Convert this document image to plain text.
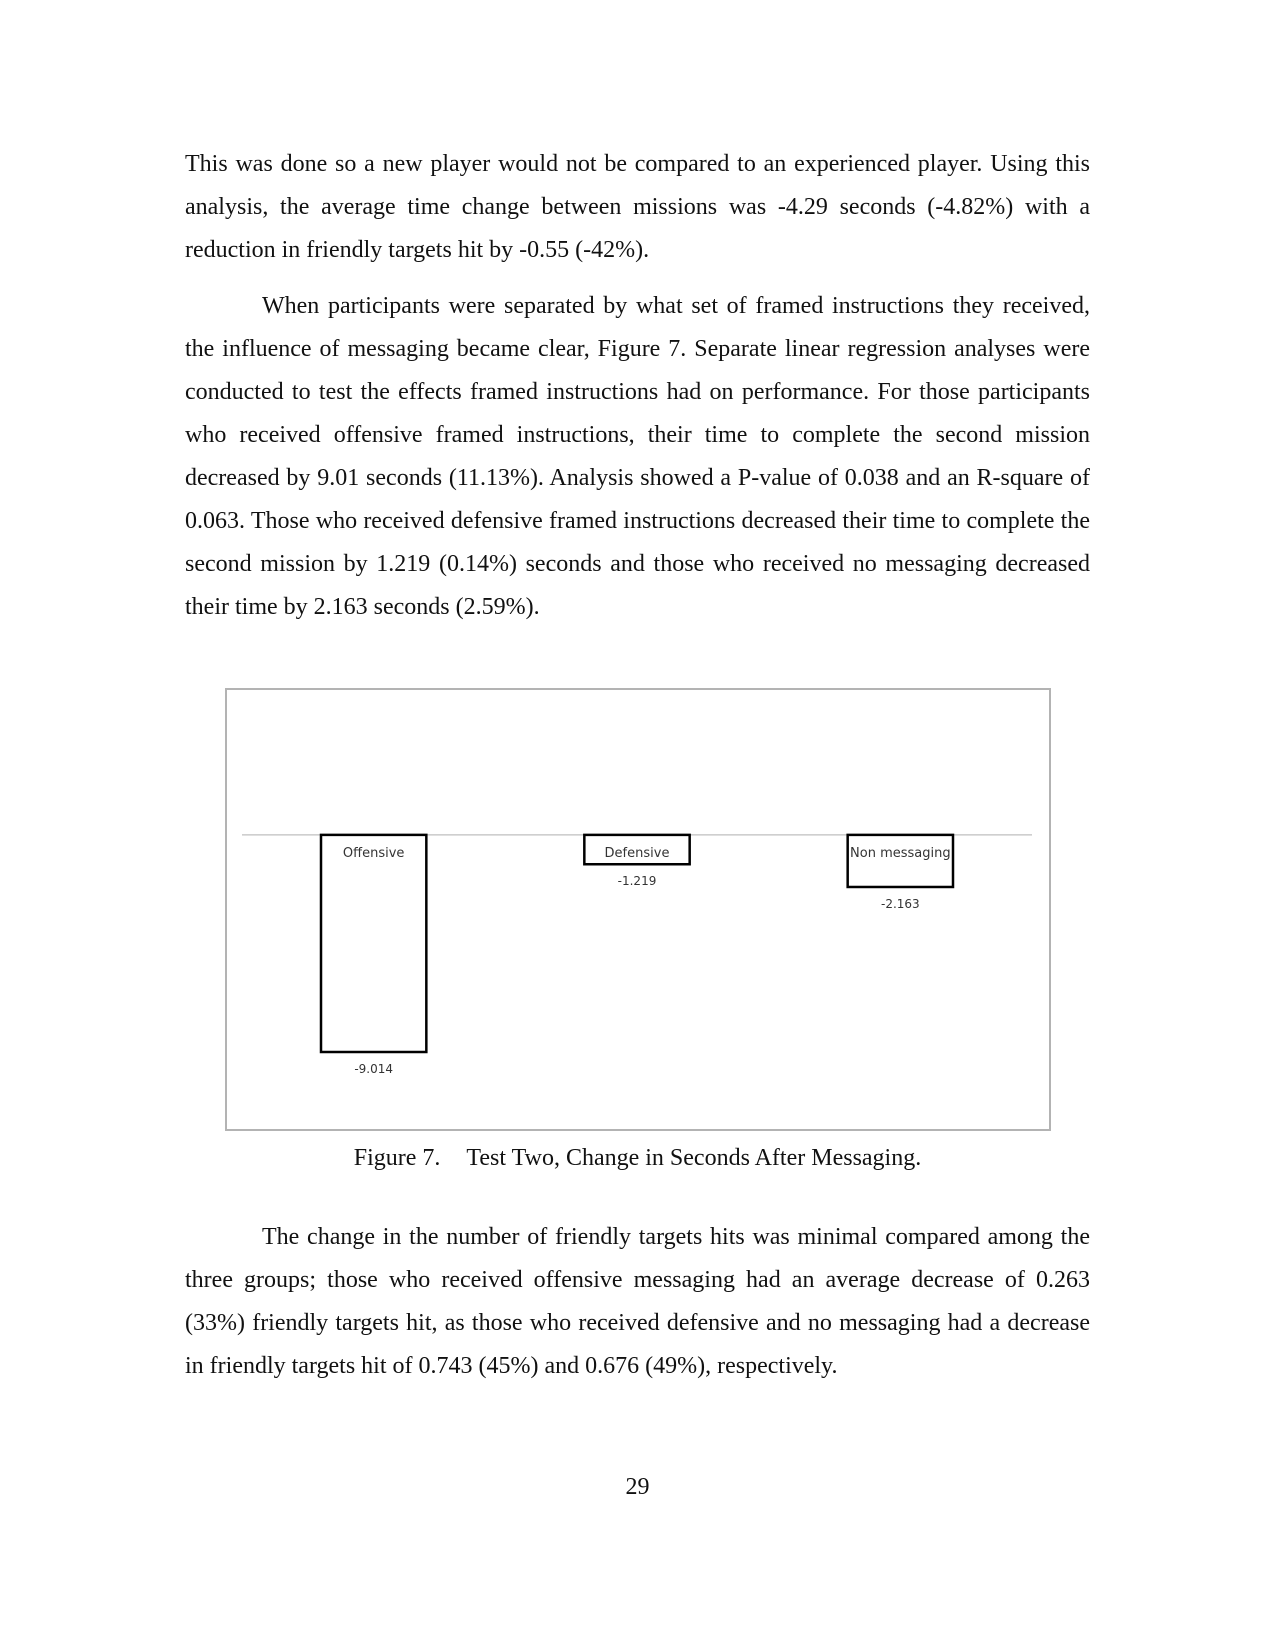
This was done so a new player would not be compared to an experienced player. Using this analysis, the average time change between missions was -4.29 seconds (-4.82%) with a reduction in friendly targets hit by -0.55 (-42%).

When participants were separated by what set of framed instructions they received, the influence of messaging became clear, Figure 7. Separate linear regression analyses were conducted to test the effects framed instructions had on performance. For those participants who received offensive framed instructions, their time to complete the second mission decreased by 9.01 seconds (11.13%). Analysis showed a P-value of 0.038 and an R-square of 0.063. Those who received defensive framed instructions decreased their time to complete the second mission by 1.219 (0.14%) seconds and those who received no messaging decreased their time by 2.163 seconds (2.59%).

Offensive
-9.014
Defensive
-1.219
Non messaging
-2.163
Figure 7. Test Two, Change in Seconds After Messaging.

The change in the number of friendly targets hits was minimal compared among the three groups; those who received offensive messaging had an average decrease of 0.263 (33%) friendly targets hit, as those who received defensive and no messaging had a decrease in friendly targets hit of 0.743 (45%) and 0.676 (49%), respectively.

29
